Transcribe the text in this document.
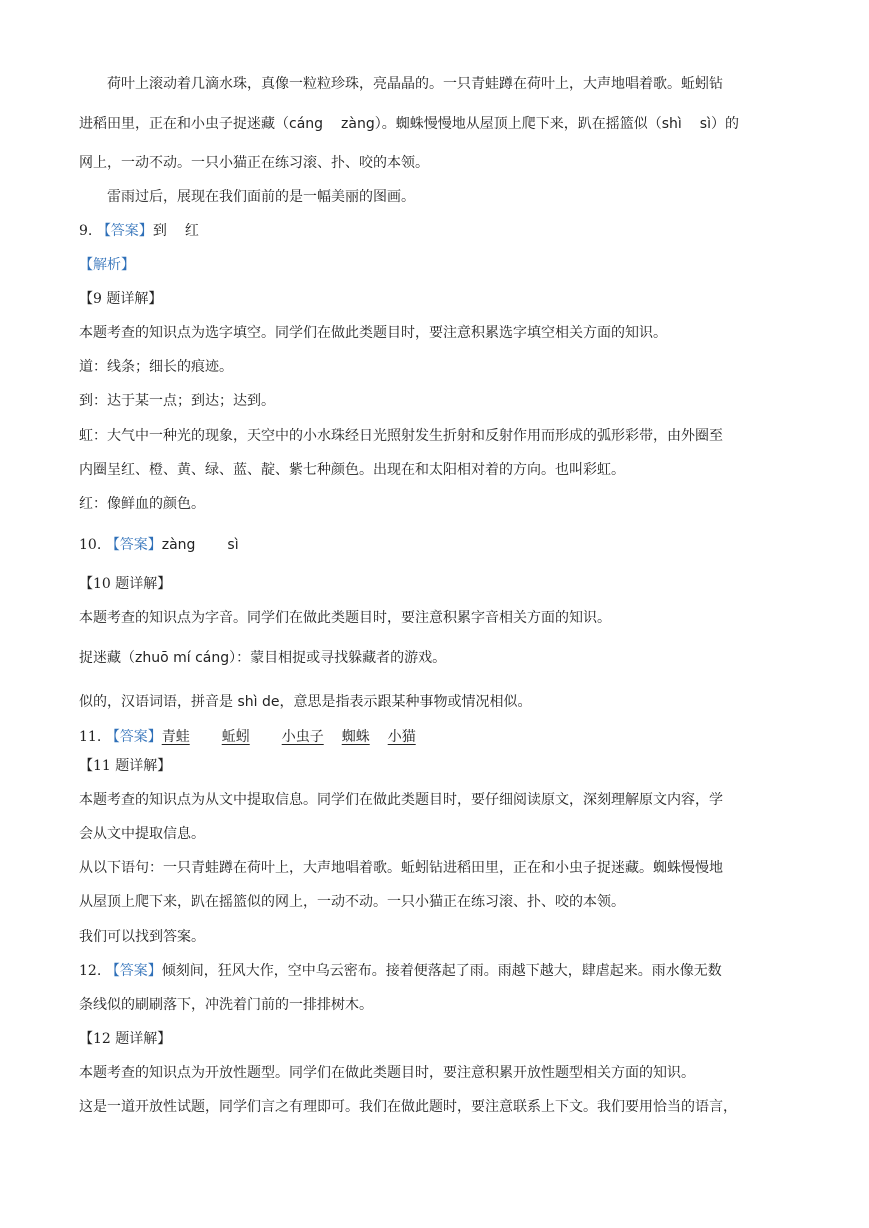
荷叶上滚动着几滴水珠，真像一粒粒珍珠，亮晶晶的。一只青蛙蹲在荷叶上，大声地唱着歌。蚯蚓钻
进稻田里，正在和小虫子捉迷藏（cáng zàng）。蜘蛛慢慢地从屋顶上爬下来，趴在摇篮似（shì sì）的
网上，一动不动。一只小猫正在练习滚、扑、咬的本领。
雷雨过后，展现在我们面前的是一幅美丽的图画。
9. 【答案】到 红
【解析】
【9 题详解】
本题考查的知识点为选字填空。同学们在做此类题目时，要注意积累选字填空相关方面的知识。
道：线条；细长的痕迹。
到：达于某一点；到达；达到。
虹：大气中一种光的现象，天空中的小水珠经日光照射发生折射和反射作用而形成的弧形彩带，由外圈至
内圈呈红、橙、黄、绿、蓝、靛、紫七种颜色。出现在和太阳相对着的方向。也叫彩虹。
红：像鲜血的颜色。
10. 【答案】zàng sì
【10 题详解】
本题考查的知识点为字音。同学们在做此类题目时，要注意积累字音相关方面的知识。
捉迷藏（zhuō mí cáng）：蒙目相捉或寻找躲藏者的游戏。
似的，汉语词语，拼音是 shì de，意思是指表示跟某种事物或情况相似。
11. 【答案】青蛙 蚯蚓 小虫子 蜘蛛 小猫
【11 题详解】
本题考查的知识点为从文中提取信息。同学们在做此类题目时，要仔细阅读原文，深刻理解原文内容，学
会从文中提取信息。
从以下语句：一只青蛙蹲在荷叶上，大声地唱着歌。蚯蚓钻进稻田里，正在和小虫子捉迷藏。蜘蛛慢慢地
从屋顶上爬下来，趴在摇篮似的网上，一动不动。一只小猫正在练习滚、扑、咬的本领。
我们可以找到答案。
12. 【答案】倾刻间，狂风大作，空中乌云密布。接着便落起了雨。雨越下越大，肆虐起来。雨水像无数
条线似的刷刷落下，冲洗着门前的一排排树木。
【12 题详解】
本题考查的知识点为开放性题型。同学们在做此类题目时，要注意积累开放性题型相关方面的知识。
这是一道开放性试题，同学们言之有理即可。我们在做此题时，要注意联系上下文。我们要用恰当的语言，
